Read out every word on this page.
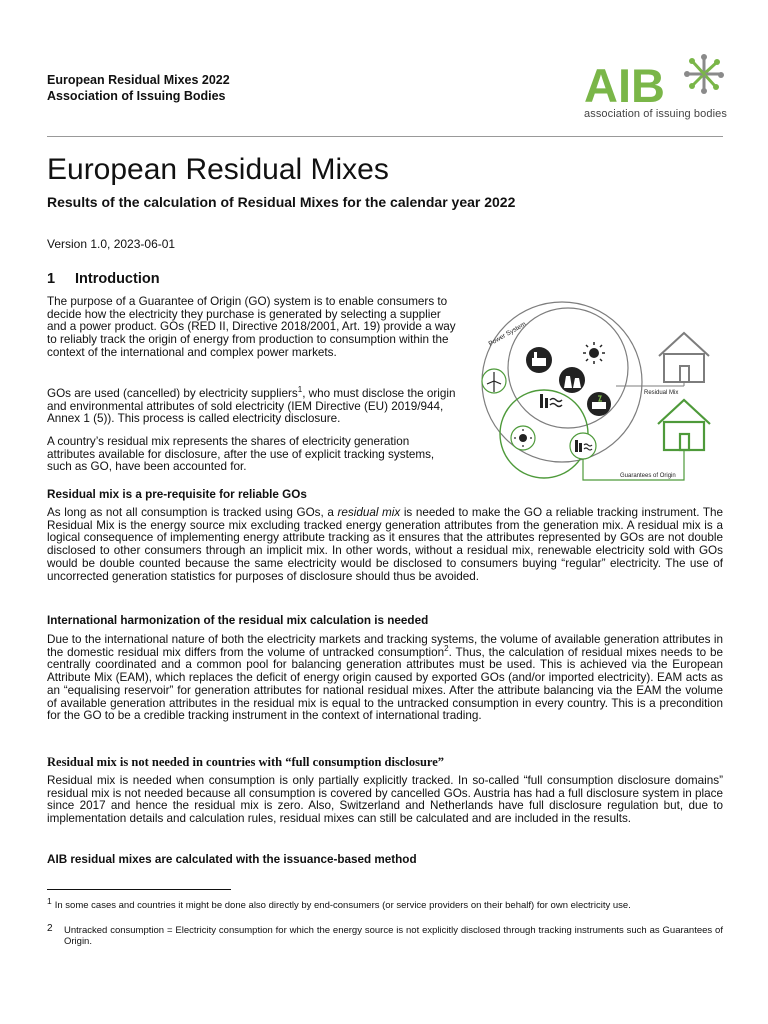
European Residual Mixes 2022
Association of Issuing Bodies	AIB
association of issuing bodies
European Residual Mixes
Results of the calculation of Residual Mixes for the calendar year 2022
Version 1.0, 2023-06-01
1 Introduction

The purpose of a Guarantee of Origin (GO) system is to enable consumers to decide how the electricity they purchase is generated by selecting a supplier and a power product. GOs (RED II, Directive 2018/2001, Art. 19) provide a way to reliably track the origin of energy from production to consumption within the context of the international and complex power markets.

GOs are used (cancelled) by electricity suppliers$^1$, who must disclose the origin and environmental attributes of sold electricity (IEM Directive (EU) 2019/944, Annex 1 (5)). This process is called electricity disclosure.

A country’s residual mix represents the shares of electricity generation attributes available for disclosure, after the use of explicit tracking systems, such as GO, have been accounted for.

Power System
Residual Mix
Guarantees of Origin
Residual mix is a pre-requisite for reliable GOs

As long as not all consumption is tracked using GOs, a residual mix is needed to make the GO a reliable tracking instrument. The Residual Mix is the energy source mix excluding tracked energy generation attributes from the generation mix. A residual mix is a logical consequence of implementing energy attribute tracking as it ensures that the attributes represented by GOs are not double disclosed to other consumers through an implicit mix. In other words, without a residual mix, renewable electricity sold with GOs would be double counted because the same electricity would be disclosed to consumers buying “regular” electricity. The use of uncorrected generation statistics for purposes of disclosure should thus be avoided.

International harmonization of the residual mix calculation is needed

Due to the international nature of both the electricity markets and tracking systems, the volume of available generation attributes in the domestic residual mix differs from the volume of untracked consumption$^2$. Thus, the calculation of residual mixes needs to be centrally coordinated and a common pool for balancing generation attributes must be used. This is achieved via the European Attribute Mix (EAM), which replaces the deficit of energy origin caused by exported GOs (and/or imported electricity). EAM acts as an “equalising reservoir” for generation attributes for national residual mixes. After the attribute balancing via the EAM the volume of available generation attributes in the residual mix is equal to the untracked consumption in every country. This is a precondition for the GO to be a credible tracking instrument in the context of international trading.

Residual mix is not needed in countries with “full consumption disclosure”

Residual mix is needed when consumption is only partially explicitly tracked. In so-called “full consumption disclosure domains” residual mix is not needed because all consumption is covered by cancelled GOs. Austria has had a full disclosure system in place since 2017 and hence the residual mix is zero. Also, Switzerland and Netherlands have full disclosure regulation but, due to implementation details and calculation rules, residual mixes can still be calculated and are included in the results.

AIB residual mixes are calculated with the issuance-based method
1 In some cases and countries it might be done also directly by end-consumers (or service providers on their behalf) for own electricity use.
2 Untracked consumption = Electricity consumption for which the energy source is not explicitly disclosed through tracking instruments such as Guarantees of Origin.
